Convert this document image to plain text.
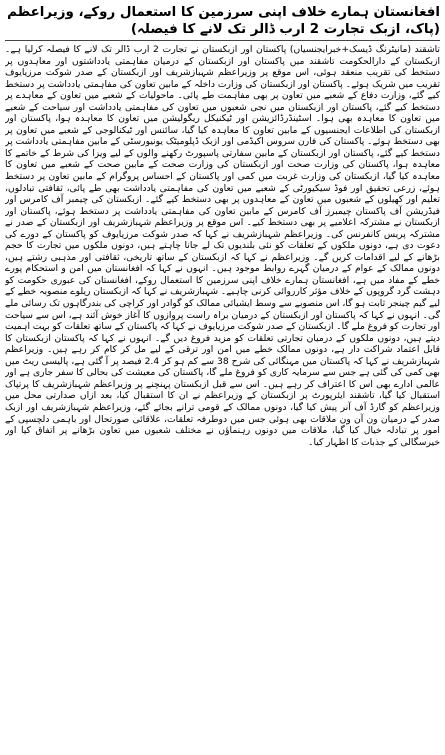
افغانستان ہمارے خلاف اپنی سرزمین کا استعمال روکے، وزیراعظم (پاک، ازبک تجارت 2 ارب ڈالر تک لانے کا فیصلہ)

تاشقند (مانیٹرنگ ڈیسک+خبرایجنسیاں) پاکستان اور ازبکستان نے تجارت 2 ارب ڈالر تک لانے کا فیصلہ کرلیا ہے۔ ازبکستان کے دارالحکومت تاشقند میں پاکستان اور ازبکستان کے درمیان مفاہمتی یادداشتوں اور معاہدوں پر دستخط کی تقریب منعقد ہوئی، اس موقع پر وزیراعظم شہبازشریف اور ازبکستان کے صدر شوکت مرزیایوف تقریب میں شریک ہوئے۔ پاکستان اور ازبکستان کی وزارت داخلہ کے مابین تعاون کی مفاہمتی یادداشت پر دستخط کیے گئے، وزارت دفاع کے شعبے میں تعاون پر بھی مفاہمت طے پائی۔ ماحولیات کے شعبے میں تعاون کے معاہدے پر دستخط کیے گئے، پاکستان اور ازبکستان میں نجی شعبوں میں تعاون کی مفاہمتی یادداشت اور سیاحت کے شعبے میں تعاون کا معاہدہ بھی ہوا۔ اسٹینڈرڈائزیشن اور ٹیکنیکل ریگولیشن میں تعاون کا معاہدہ ہوا، پاکستان اور ازبکستان کی اطلاعات ایجنسیوں کے مابین تعاون کا معاہدہ کیا گیا، سائنس اور ٹیکنالوجی کے شعبے میں تعاون پر بھی دستخط ہوئے۔ پاکستان کی فارن سروس اکیڈمی اور ازبک ڈپلومیٹک یونیورسٹی کے مابین مفاہمتی یادداشت پر دستخط کیے گئے، پاکستان اور ازبکستان کے مابین سفارتی پاسپورٹ رکھنے والوں کے لیے ویزا کی شرط کے خاتمے کا معاہدہ ہوا، پاکستان کی وزارت صحت اور ازبکستان کی وزارت صحت کے مابین صحت کے شعبے میں تعاون کا معاہدہ کیا گیا، ازبکستان کی وزارت غربت میں کمی اور پاکستان کے احساس پروگرام کے مابین تعاون پر دستخط ہوئے، زرعی تحقیق اور فوڈ سیکیورٹی کے شعبے میں تعاون کی مفاہمتی یادداشت بھی طے پائی، ثقافتی تبادلوں، تعلیم اور کھیلوں کے شعبوں میں تعاون کے معاہدوں پر بھی دستخط کیے گئے۔ ازبکستان کی چیمبر آف کامرس اور فیڈریشن آف پاکستان چیمبرز آف کامرس کے مابین تعاون کی مفاہمتی یادداشت پر دستخط ہوئے، پاکستان اور ازبکستان نے مشترکہ اعلامیے پر بھی دستخط کیے۔ اس موقع پر وزیراعظم شہبازشریف اور ازبکستان کے صدر نے مشترکہ پریس کانفرنس کی۔ وزیراعظم شہبازشریف نے کہا کہ صدر شوکت مرزیایوف کو پاکستان کے دورے کی دعوت دی ہے، دونوں ملکوں کے تعلقات کو نئی بلندیوں تک لے جانا چاہتے ہیں، دونوں ملکوں میں تجارت کا حجم بڑھانے کے لیے اقدامات کریں گے۔ وزیراعظم نے کہا کہ ازبکستان کے ساتھ تاریخی، ثقافتی اور مذہبی رشتے ہیں، دونوں ممالک کے عوام کے درمیان گہرے روابط موجود ہیں۔ انہوں نے کہا کہ افغانستان میں امن و استحکام پورے خطے کے مفاد میں ہے، افغانستان ہمارے خلاف اپنی سرزمین کا استعمال روکے، افغانستان کی عبوری حکومت کو دہشت گرد گروپوں کے خلاف مؤثر کارروائی کرنی چاہیے۔ شہبازشریف نے کہا کہ ازبکستان ریلوے منصوبہ خطے کے لیے گیم چینجر ثابت ہو گا، اس منصوبے سے وسط ایشیائی ممالک کو گوادر اور کراچی کی بندرگاہوں تک رسائی ملے گی۔ انہوں نے کہا کہ پاکستان اور ازبکستان کے درمیان براہ راست پروازوں کا آغاز خوش آئند ہے، اس سے سیاحت اور تجارت کو فروغ ملے گا۔ ازبکستان کے صدر شوکت مرزیایوف نے کہا کہ پاکستان کے ساتھ تعلقات کو بہت اہمیت دیتے ہیں، دونوں ملکوں کے درمیان تجارتی تعلقات کو مزید فروغ دیں گے۔ انہوں نے کہا کہ پاکستان ازبکستان کا قابل اعتماد شراکت دار ہے، دونوں ممالک خطے میں امن اور ترقی کے لیے مل کر کام کر رہے ہیں۔ وزیراعظم شہبازشریف نے کہا کہ پاکستان میں مہنگائی کی شرح 38 سے کم ہو کر 2.4 فیصد پر آ گئی ہے، پالیسی ریٹ میں بھی کمی کی گئی ہے جس سے سرمایہ کاری کو فروغ ملے گا، پاکستان کی معیشت کی بحالی کا سفر جاری ہے اور عالمی ادارے بھی اس کا اعتراف کر رہے ہیں۔ اس سے قبل ازبکستان پہنچنے پر وزیراعظم شہبازشریف کا پرتپاک استقبال کیا گیا، تاشقند ایئرپورٹ پر ازبکستان کے وزیراعظم نے ان کا استقبال کیا، بعد ازاں صدارتی محل میں وزیراعظم کو گارڈ آف آنر پیش کیا گیا، دونوں ممالک کے قومی ترانے بجائے گئے، وزیراعظم شہبازشریف اور ازبک صدر کے درمیان ون آن ون ملاقات بھی ہوئی جس میں دوطرفہ تعلقات، علاقائی صورتحال اور باہمی دلچسپی کے امور پر تبادلہ خیال کیا گیا، ملاقات میں دونوں رہنماؤں نے مختلف شعبوں میں تعاون بڑھانے پر اتفاق کیا اور خیرسگالی کے جذبات کا اظہار کیا۔
